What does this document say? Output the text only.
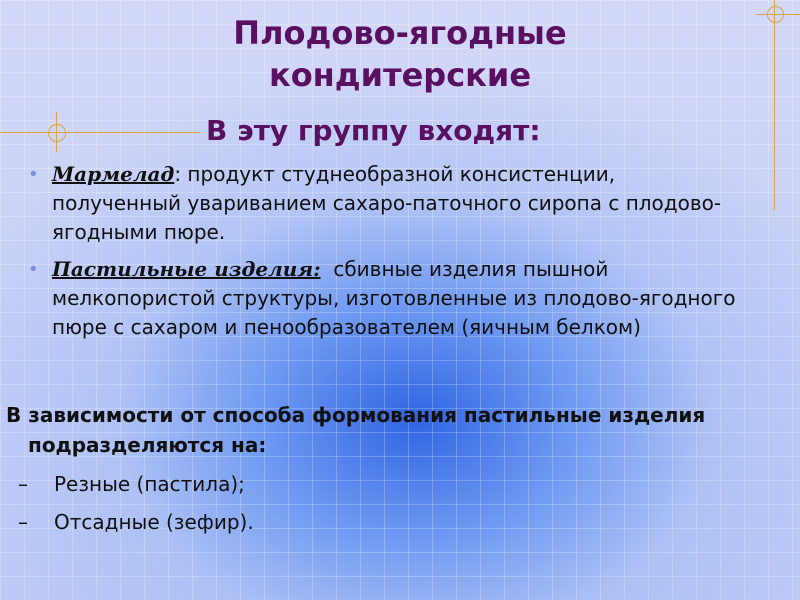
Плодово-ягодные
кондитерские
В эту группу входят:
• Мармелад: продукт студнеобразной консистенции, полученный увариванием сахаро-паточного сиропа с плодово-ягодными пюре.
• Пастильные изделия:  сбивные изделия пышной мелкопористой структуры, изготовленные из плодово-ягодного пюре с сахаром и пенообразователем (яичным белком)

В зависимости от способа формования пастильные изделия подразделяются на:

– Резные (пастила);
– Отсадные (зефир).
